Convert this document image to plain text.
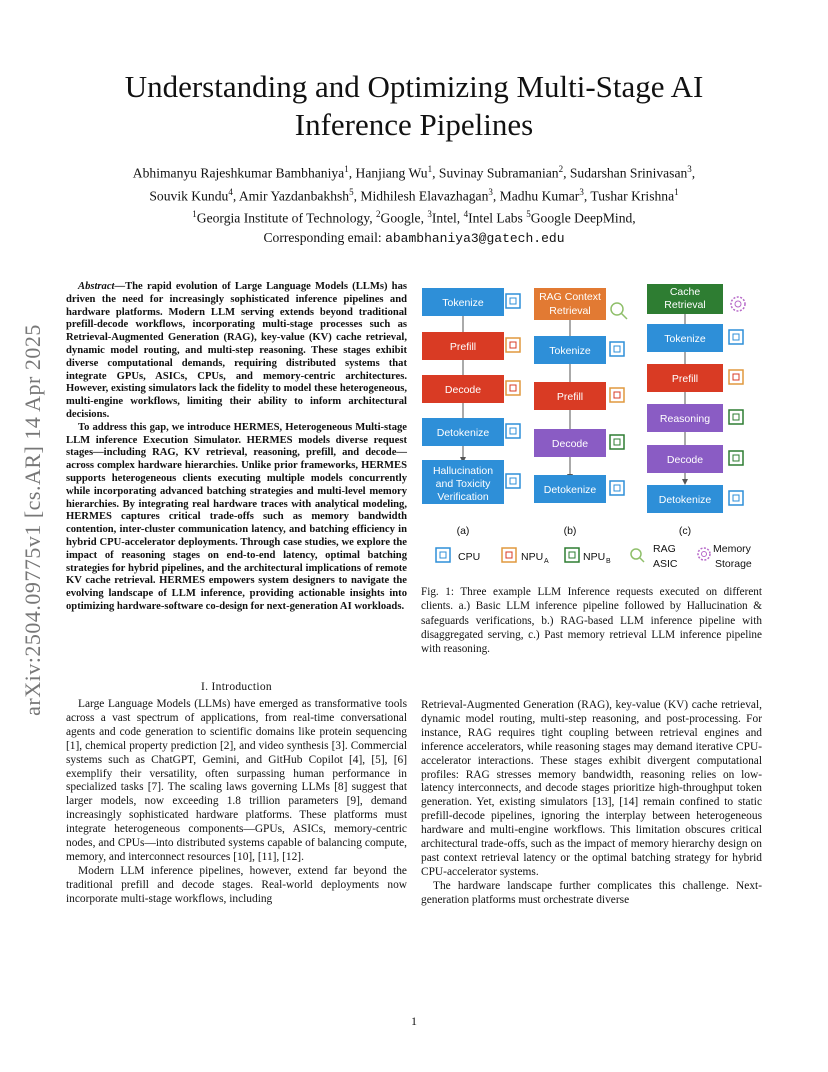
arXiv:2504.09775v1 [cs.AR] 14 Apr 2025
Understanding and Optimizing Multi-Stage AI
Inference Pipelines
Abhimanyu Rajeshkumar Bambhaniya$^1$, Hanjiang Wu$^1$, Suvinay Subramanian$^2$, Sudarshan Srinivasan$^3$,
Souvik Kundu$^4$, Amir Yazdanbakhsh$^5$, Midhilesh Elavazhagan$^3$, Madhu Kumar$^3$, Tushar Krishna$^1$
$^1$Georgia Institute of Technology, $^2$Google, $^3$Intel, $^4$Intel Labs $^5$Google DeepMind,
Corresponding email: abambhaniya3@gatech.edu

Abstract—The rapid evolution of Large Language Models (LLMs) has driven the need for increasingly sophisticated inference pipelines and hardware platforms. Modern LLM serving extends beyond traditional prefill-decode workflows, incorporating multi-stage processes such as Retrieval-Augmented Generation (RAG), key-value (KV) cache retrieval, dynamic model routing, and multi-step reasoning. These stages exhibit diverse computational demands, requiring distributed systems that integrate GPUs, ASICs, CPUs, and memory-centric architectures. However, existing simulators lack the fidelity to model these heterogeneous, multi-engine workflows, limiting their ability to inform architectural decisions.

To address this gap, we introduce HERMES, Heterogeneous Multi-stage LLM inference Execution Simulator. HERMES models diverse request stages—including RAG, KV retrieval, reasoning, prefill, and decode—across complex hardware hierarchies. Unlike prior frameworks, HERMES supports heterogeneous clients executing multiple models concurrently while incorporating advanced batching strategies and multi-level memory hierarchies. By integrating real hardware traces with analytical modeling, HERMES captures critical trade-offs such as memory bandwidth contention, inter-cluster communication latency, and batching efficiency in hybrid CPU-accelerator deployments. Through case studies, we explore the impact of reasoning stages on end-to-end latency, optimal batching strategies for hybrid pipelines, and the architectural implications of remote KV cache retrieval. HERMES empowers system designers to navigate the evolving landscape of LLM inference, providing actionable insights into optimizing hardware-software co-design for next-generation AI workloads.

I. Introduction

Large Language Models (LLMs) have emerged as transformative tools across a vast spectrum of applications, from real-time conversational agents and code generation to scientific domains like protein sequencing [1], chemical property prediction [2], and video synthesis [3]. Commercial systems such as ChatGPT, Gemini, and GitHub Copilot [4], [5], [6] exemplify their versatility, often surpassing human performance in specialized tasks [7]. The scaling laws governing LLMs [8] suggest that larger models, now exceeding 1.8 trillion parameters [9], demand increasingly sophisticated hardware platforms. These platforms must integrate heterogeneous components—GPUs, ASICs, memory-centric nodes, and CPUs—into distributed systems capable of balancing compute, memory, and interconnect resources [10], [11], [12].

Modern LLM inference pipelines, however, extend far beyond the traditional prefill and decode stages. Real-world deployments now incorporate multi-stage workflows, including

Retrieval-Augmented Generation (RAG), key-value (KV) cache retrieval, dynamic model routing, multi-step reasoning, and post-processing. For instance, RAG requires tight coupling between retrieval engines and inference accelerators, while reasoning stages may demand iterative CPU-accelerator interactions. These stages exhibit divergent computational profiles: RAG stresses memory bandwidth, reasoning relies on low-latency interconnects, and decode stages prioritize high-throughput token generation. Yet, existing simulators [13], [14] remain confined to static prefill-decode pipelines, ignoring the interplay between heterogeneous hardware and multi-engine workflows. This limitation obscures critical architectural trade-offs, such as the impact of memory hierarchy design on past context retrieval latency or the optimal batching strategy for hybrid CPU-accelerator systems.

The hardware landscape further complicates this challenge. Next-generation platforms must orchestrate diverse

Tokenize
Prefill
Decode
Detokenize
Hallucination
and Toxicity
Verification
(a)
RAG Context
Retrieval
Tokenize
Prefill
Decode
Detokenize
(b)
Cache
Retrieval
Tokenize
Prefill
Reasoning
Decode
Detokenize
(c)
CPU	NPU A	NPU B
RAG
ASIC
Memory
Storage
Fig. 1: Three example LLM Inference requests executed on different clients. a.) Basic LLM inference pipeline followed by Hallucination & safeguards verifications, b.) RAG-based LLM inference pipeline with disaggregated serving, c.) Past memory retrieval LLM inference pipeline with reasoning.
1
